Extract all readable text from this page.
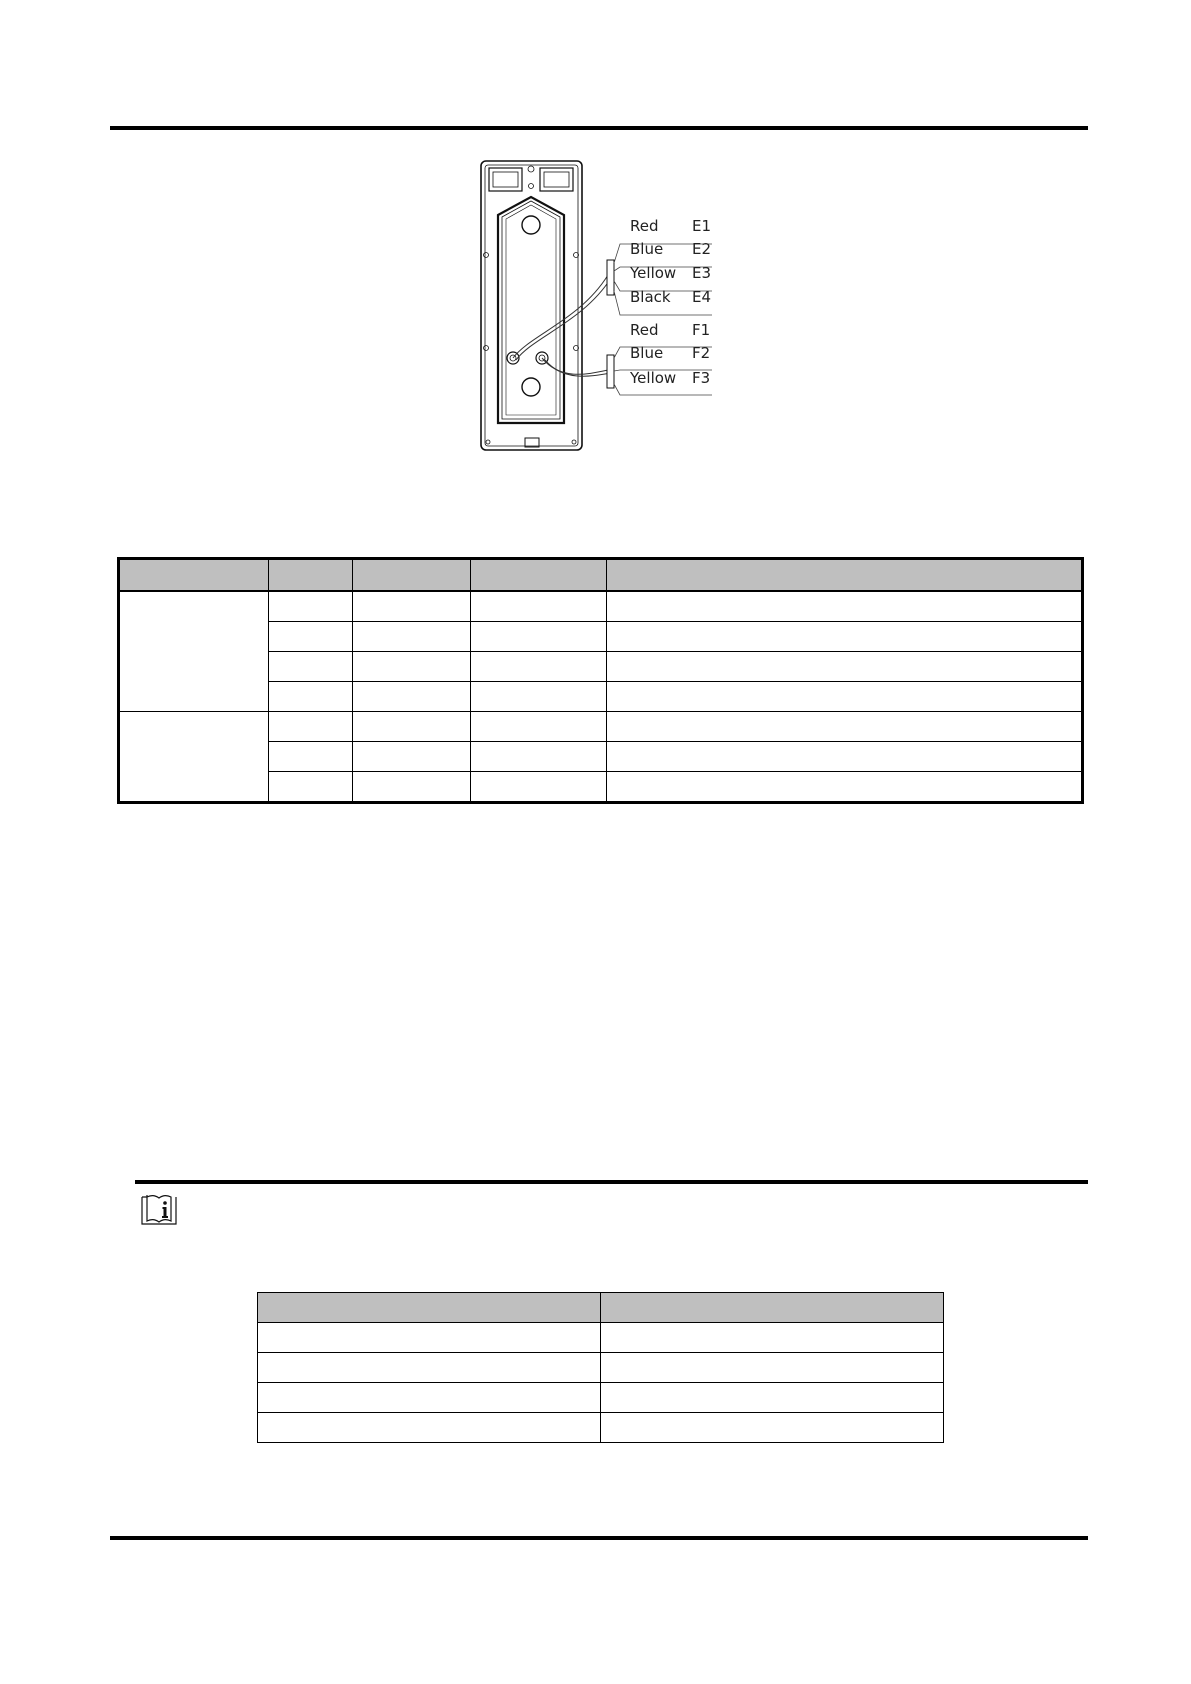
Red E1
Blue E2
Yellow E3
Black E4
Red F1
Blue F2
Yellow F3
